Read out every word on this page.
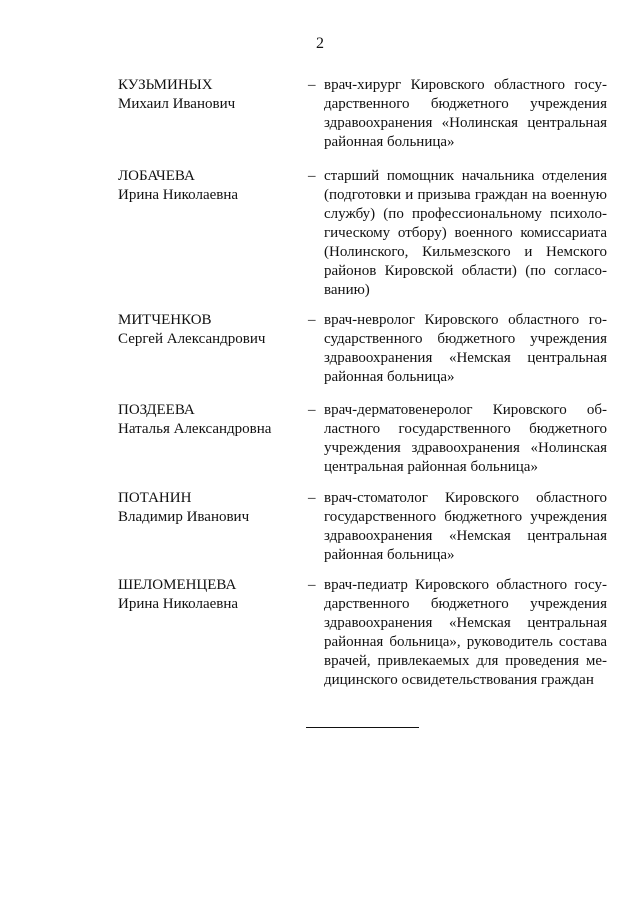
2
КУЗЬМИНЫХ
Михаил Иванович
– врач-хирург Кировского областного госу-
дарственного бюджетного учреждения
здравоохранения «Нолинская центральная
районная больница»
ЛОБАЧЕВА
Ирина Николаевна
– старший помощник начальника отделения
(подготовки и призыва граждан на военную
службу) (по профессиональному психоло-
гическому отбору) военного комиссариата
(Нолинского, Кильмезского и Немского
районов Кировской области) (по согласо-
ванию)
МИТЧЕНКОВ
Сергей Александрович
– врач-невролог Кировского областного го-
сударственного бюджетного учреждения
здравоохранения «Немская центральная
районная больница»
ПОЗДЕЕВА
Наталья Александровна
– врач-дерматовенеролог Кировского об-
ластного государственного бюджетного
учреждения здравоохранения «Нолинская
центральная районная больница»
ПОТАНИН
Владимир Иванович
– врач-стоматолог Кировского областного
государственного бюджетного учреждения
здравоохранения «Немская центральная
районная больница»
ШЕЛОМЕНЦЕВА
Ирина Николаевна
– врач-педиатр Кировского областного госу-
дарственного бюджетного учреждения
здравоохранения «Немская центральная
районная больница», руководитель состава
врачей, привлекаемых для проведения ме-
дицинского освидетельствования граждан
